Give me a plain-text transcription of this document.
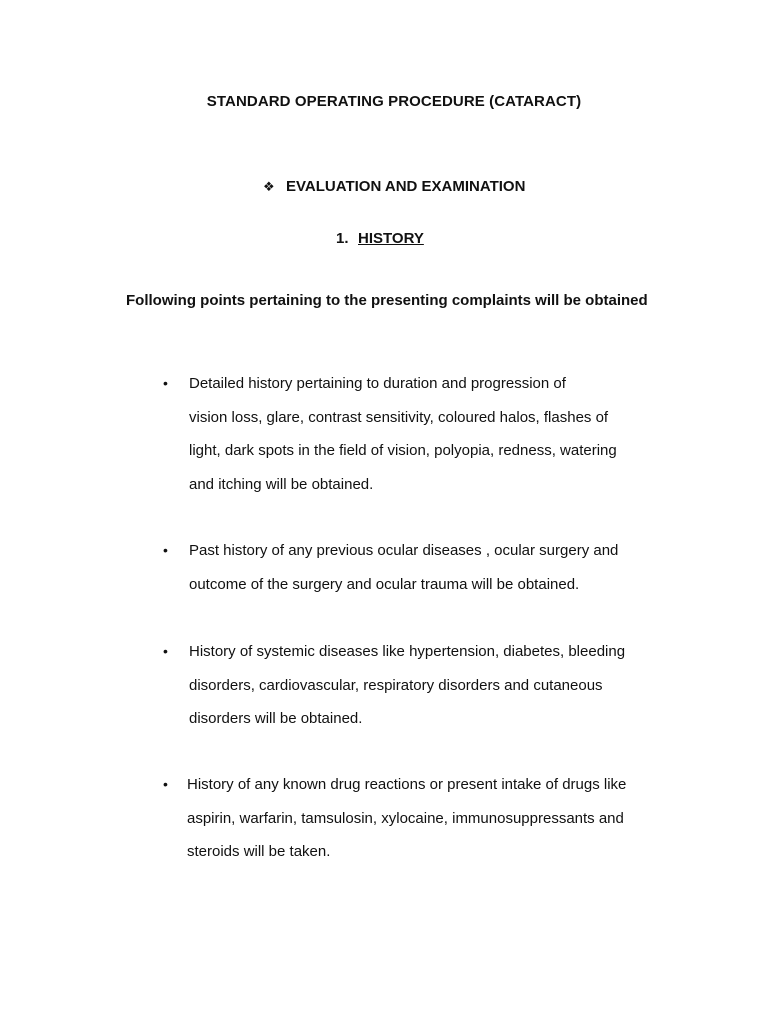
STANDARD OPERATING PROCEDURE (CATARACT)
❖ EVALUATION AND EXAMINATION
1. HISTORY
Following points pertaining to the presenting complaints will be obtained
•	Detailed history pertaining to duration and progression of
vision loss, glare, contrast sensitivity, coloured halos, flashes of
light, dark spots in the field of vision, polyopia, redness, watering
and itching will be obtained.
•	Past history of any previous ocular diseases , ocular surgery and
outcome of the surgery and ocular trauma will be obtained.
•	History of systemic diseases like hypertension, diabetes, bleeding
disorders, cardiovascular, respiratory disorders and cutaneous
disorders will be obtained.
•	History of any known drug reactions or present intake of drugs like
aspirin, warfarin, tamsulosin, xylocaine, immunosuppressants and
steroids will be taken.
